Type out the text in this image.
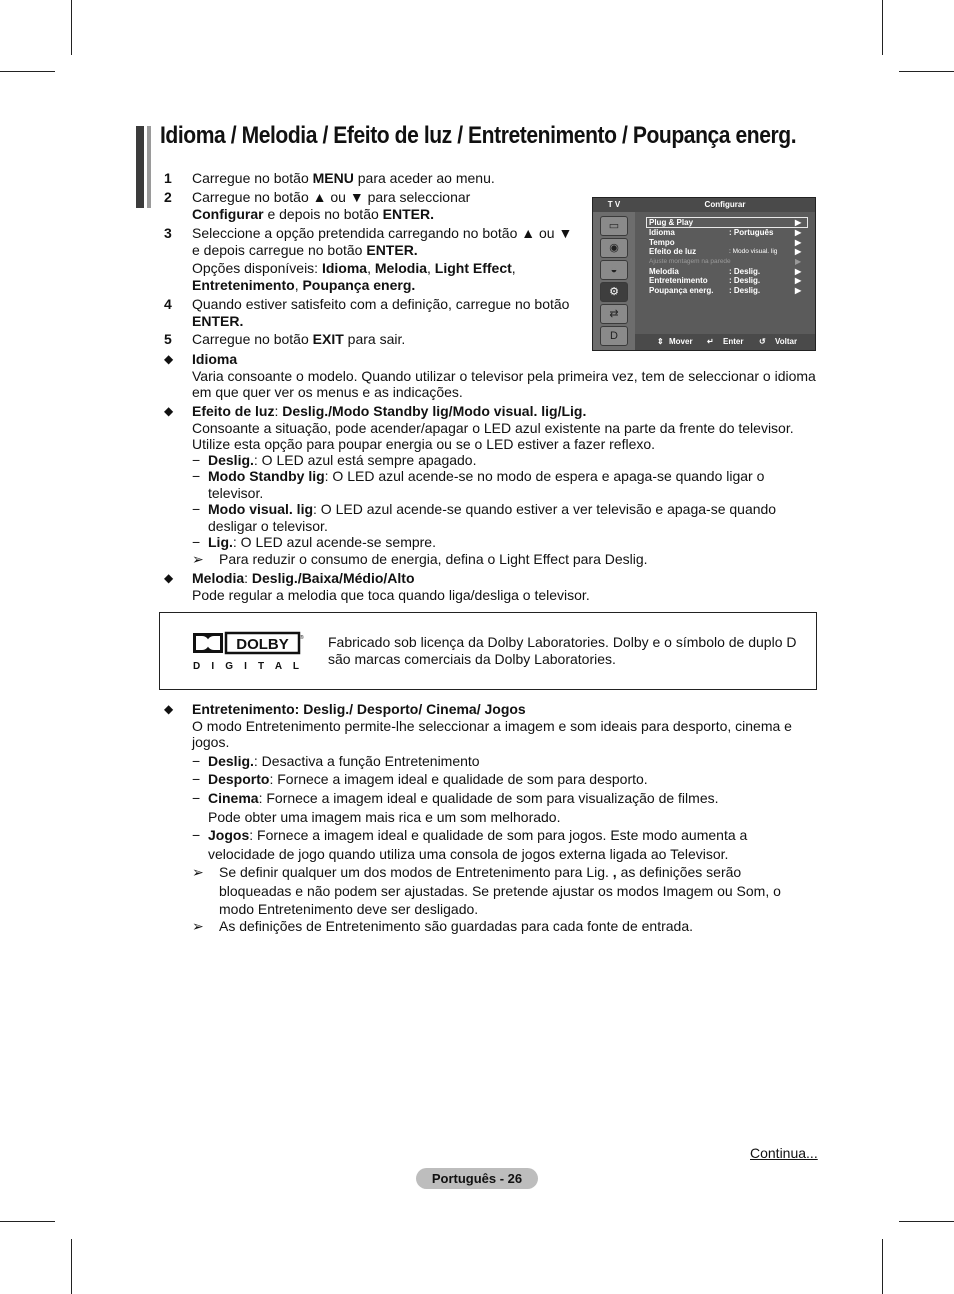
Idioma / Melodia / Efeito de luz / Entretenimento / Poupança energ.
1 Carregue no botão MENU para aceder ao menu.
2 Carregue no botão ▲ ou ▼ para seleccionar Configurar e depois no botão ENTER.
3 Seleccione a opção pretendida carregando no botão ▲ ou ▼ e depois carregue no botão ENTER.
Opções disponíveis: Idioma, Melodia, Light Effect, Entretenimento, Poupança energ.
4 Quando estiver satisfeito com a definição, carregue no botão ENTER.
5 Carregue no botão EXIT para sair.
T V	Configurar
▭
◉
◒
⚙
⇄
D
Plug & Play	▶
Idioma	: Português	▶
Tempo	▶
Efeito de luz	: Modo visual. lig ▶
Ajuste montagem na parede	▶
Melodia	: Deslig.	▶
Entretenimento	: Deslig.	▶
Poupança energ. : Deslig.	▶
⇕ Mover ↵ Enter ↺ Voltar
◆ Idioma
Varia consoante o modelo. Quando utilizar o televisor pela primeira vez, tem de seleccionar o idioma em que quer ver os menus e as indicações.
◆ Efeito de luz: Deslig./Modo Standby lig/Modo visual. lig/Lig.
Consoante a situação, pode acender/apagar o LED azul existente na parte da frente do televisor. Utilize esta opção para poupar energia ou se o LED estiver a fazer reflexo.
− Deslig.: O LED azul está sempre apagado.
− Modo Standby lig: O LED azul acende-se no modo de espera e apaga-se quando ligar o televisor.
− Modo visual. lig: O LED azul acende-se quando estiver a ver televisão e apaga-se quando desligar o televisor.
− Lig.: O LED azul acende-se sempre.
➢ Para reduzir o consumo de energia, defina o Light Effect para Deslig.
◆ Melodia: Deslig./Baixa/Médio/Alto
Pode regular a melodia que toca quando liga/desliga o televisor.
DOLBY ®
D I G I T A L
Fabricado sob licença da Dolby Laboratories. Dolby e o símbolo de duplo D são marcas comerciais da Dolby Laboratories.
◆ Entretenimento: Deslig./ Desporto/ Cinema/ Jogos
O modo Entretenimento permite-lhe seleccionar a imagem e som ideais para desporto, cinema e jogos.
− Deslig.: Desactiva a função Entretenimento
− Desporto: Fornece a imagem ideal e qualidade de som para desporto.
− Cinema: Fornece a imagem ideal e qualidade de som para visualização de filmes. Pode obter uma imagem mais rica e um som melhorado.
− Jogos: Fornece a imagem ideal e qualidade de som para jogos. Este modo aumenta a velocidade de jogo quando utiliza uma consola de jogos externa ligada ao Televisor.
➢ Se definir qualquer um dos modos de Entretenimento para Lig. , as definições serão bloqueadas e não podem ser ajustadas. Se pretende ajustar os modos Imagem ou Som, o modo Entretenimento deve ser desligado.
➢ As definições de Entretenimento são guardadas para cada fonte de entrada.
Continua...
Português - 26
